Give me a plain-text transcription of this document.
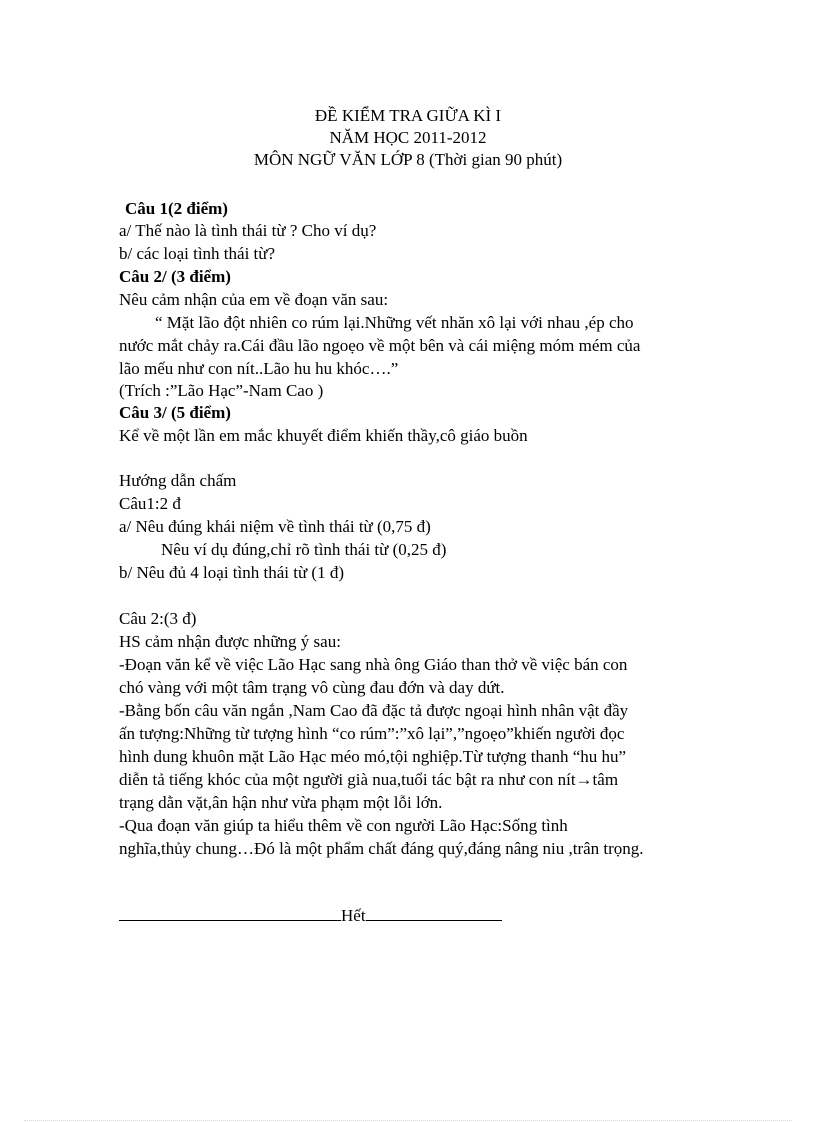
ĐỀ KIỂM TRA GIỮA KÌ I
NĂM HỌC 2011-2012
MÔN NGỮ VĂN LỚP 8 (Thời gian 90 phút)
Câu 1(2 điểm)
a/ Thế nào là tình thái từ ? Cho ví dụ?
b/ các loại tình thái từ?
Câu 2/ (3 điểm)
Nêu cảm nhận của em về đoạn văn sau:
“ Mặt lão đột nhiên co rúm lại.Những vết nhăn xô lại với nhau ,ép cho
nước mắt chảy ra.Cái đầu lão ngoẹo về một bên và cái miệng móm mém của
lão mếu như con nít..Lão hu hu khóc….”
(Trích :”Lão Hạc”-Nam Cao )
Câu 3/ (5 điểm)
Kể về một lần em mắc khuyết điểm khiến thầy,cô giáo buồn
Hướng dẫn chấm
Câu1:2 đ
a/ Nêu đúng khái niệm về tình thái từ (0,75 đ)
Nêu ví dụ đúng,chỉ rõ tình thái từ (0,25 đ)
b/ Nêu đủ 4 loại tình thái từ (1 đ)
Câu 2:(3 đ)
HS cảm nhận được những ý sau:
-Đoạn văn kể về việc Lão Hạc sang nhà ông Giáo than thở về việc bán con
chó vàng với một tâm trạng vô cùng đau đớn và day dứt.
-Bằng bốn câu văn ngắn ,Nam Cao đã đặc tả được ngoại hình nhân vật đầy
ấn tượng:Những từ tượng hình “co rúm”:”xô lại”,”ngoẹo”khiến người đọc
hình dung khuôn mặt Lão Hạc méo mó,tội nghiệp.Từ tượng thanh “hu hu”
diễn tả tiếng khóc của một người già nua,tuổi tác bật ra như con nít→tâm
trạng dằn vặt,ân hận như vừa phạm một lỗi lớn.
-Qua đoạn văn giúp ta hiểu thêm về con người Lão Hạc:Sống tình
nghĩa,thủy chung…Đó là một phẩm chất đáng quý,đáng nâng niu ,trân trọng.
Hết
